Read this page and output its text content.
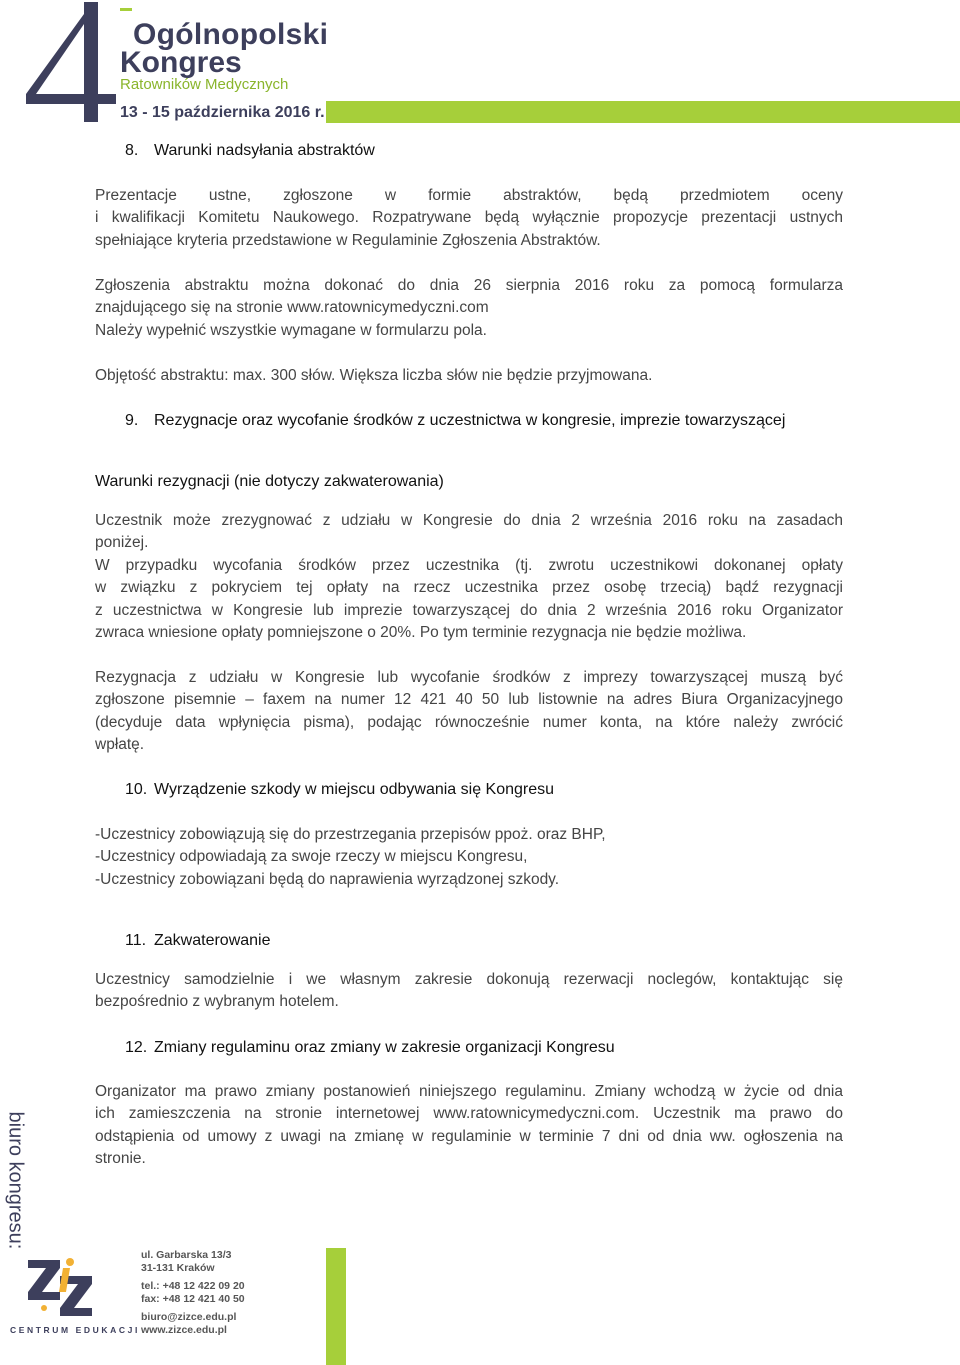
Ogólnopolski
Kongres
Ratowników Medycznych
13 - 15 października 2016 r.
8. Warunki nadsyłania abstraktów
Prezentacje ustne, zgłoszone w formie abstraktów, będą przedmiotem oceny
i kwalifikacji Komitetu Naukowego. Rozpatrywane będą wyłącznie propozycje prezentacji ustnych
spełniające kryteria przedstawione w Regulaminie Zgłoszenia Abstraktów.
Zgłoszenia abstraktu można dokonać do dnia 26 sierpnia 2016 roku za pomocą formularza
znajdującego się na stronie www.ratownicymedyczni.com
Należy wypełnić wszystkie wymagane w formularzu pola.
Objętość abstraktu: max. 300 słów. Większa liczba słów nie będzie przyjmowana.
9. Rezygnacje oraz wycofanie środków z uczestnictwa w kongresie, imprezie towarzyszącej
Warunki rezygnacji (nie dotyczy zakwaterowania)
Uczestnik może zrezygnować z udziału w Kongresie do dnia 2 września 2016 roku na zasadach
poniżej.
W przypadku wycofania środków przez uczestnika (tj. zwrotu uczestnikowi dokonanej opłaty
w związku z pokryciem tej opłaty na rzecz uczestnika przez osobę trzecią) bądź rezygnacji
z uczestnictwa w Kongresie lub imprezie towarzyszącej do dnia 2 września 2016 roku Organizator
zwraca wniesione opłaty pomniejszone o 20%. Po tym terminie rezygnacja nie będzie możliwa.
Rezygnacja z udziału w Kongresie lub wycofanie środków z imprezy towarzyszącej muszą być
zgłoszone pisemnie – faxem na numer 12 421 40 50 lub listownie na adres Biura Organizacyjnego
(decyduje data wpłynięcia pisma), podając równocześnie numer konta, na które należy zwrócić
wpłatę.
10. Wyrządzenie szkody w miejscu odbywania się Kongresu
-Uczestnicy zobowiązują się do przestrzegania przepisów ppoż. oraz BHP,
-Uczestnicy odpowiadają za swoje rzeczy w miejscu Kongresu,
-Uczestnicy zobowiązani będą do naprawienia wyrządzonej szkody.
11. Zakwaterowanie
Uczestnicy samodzielnie i we własnym zakresie dokonują rezerwacji noclegów, kontaktując się
bezpośrednio z wybranym hotelem.
12. Zmiany regulaminu oraz zmiany w zakresie organizacji Kongresu
Organizator ma prawo zmiany postanowień niniejszego regulaminu. Zmiany wchodzą w życie od dnia
ich zamieszczenia na stronie internetowej www.ratownicymedyczni.com. Uczestnik ma prawo do
odstąpienia od umowy z uwagi na zmianę w regulaminie w terminie 7 dni od dnia ww. ogłoszenia na
stronie.
biuro kongresu:
CENTRUM EDUKACJI
ul. Garbarska 13/3
31-131 Kraków
tel.: +48 12 422 09 20
fax: +48 12 421 40 50
biuro@zizce.edu.pl
www.zizce.edu.pl
